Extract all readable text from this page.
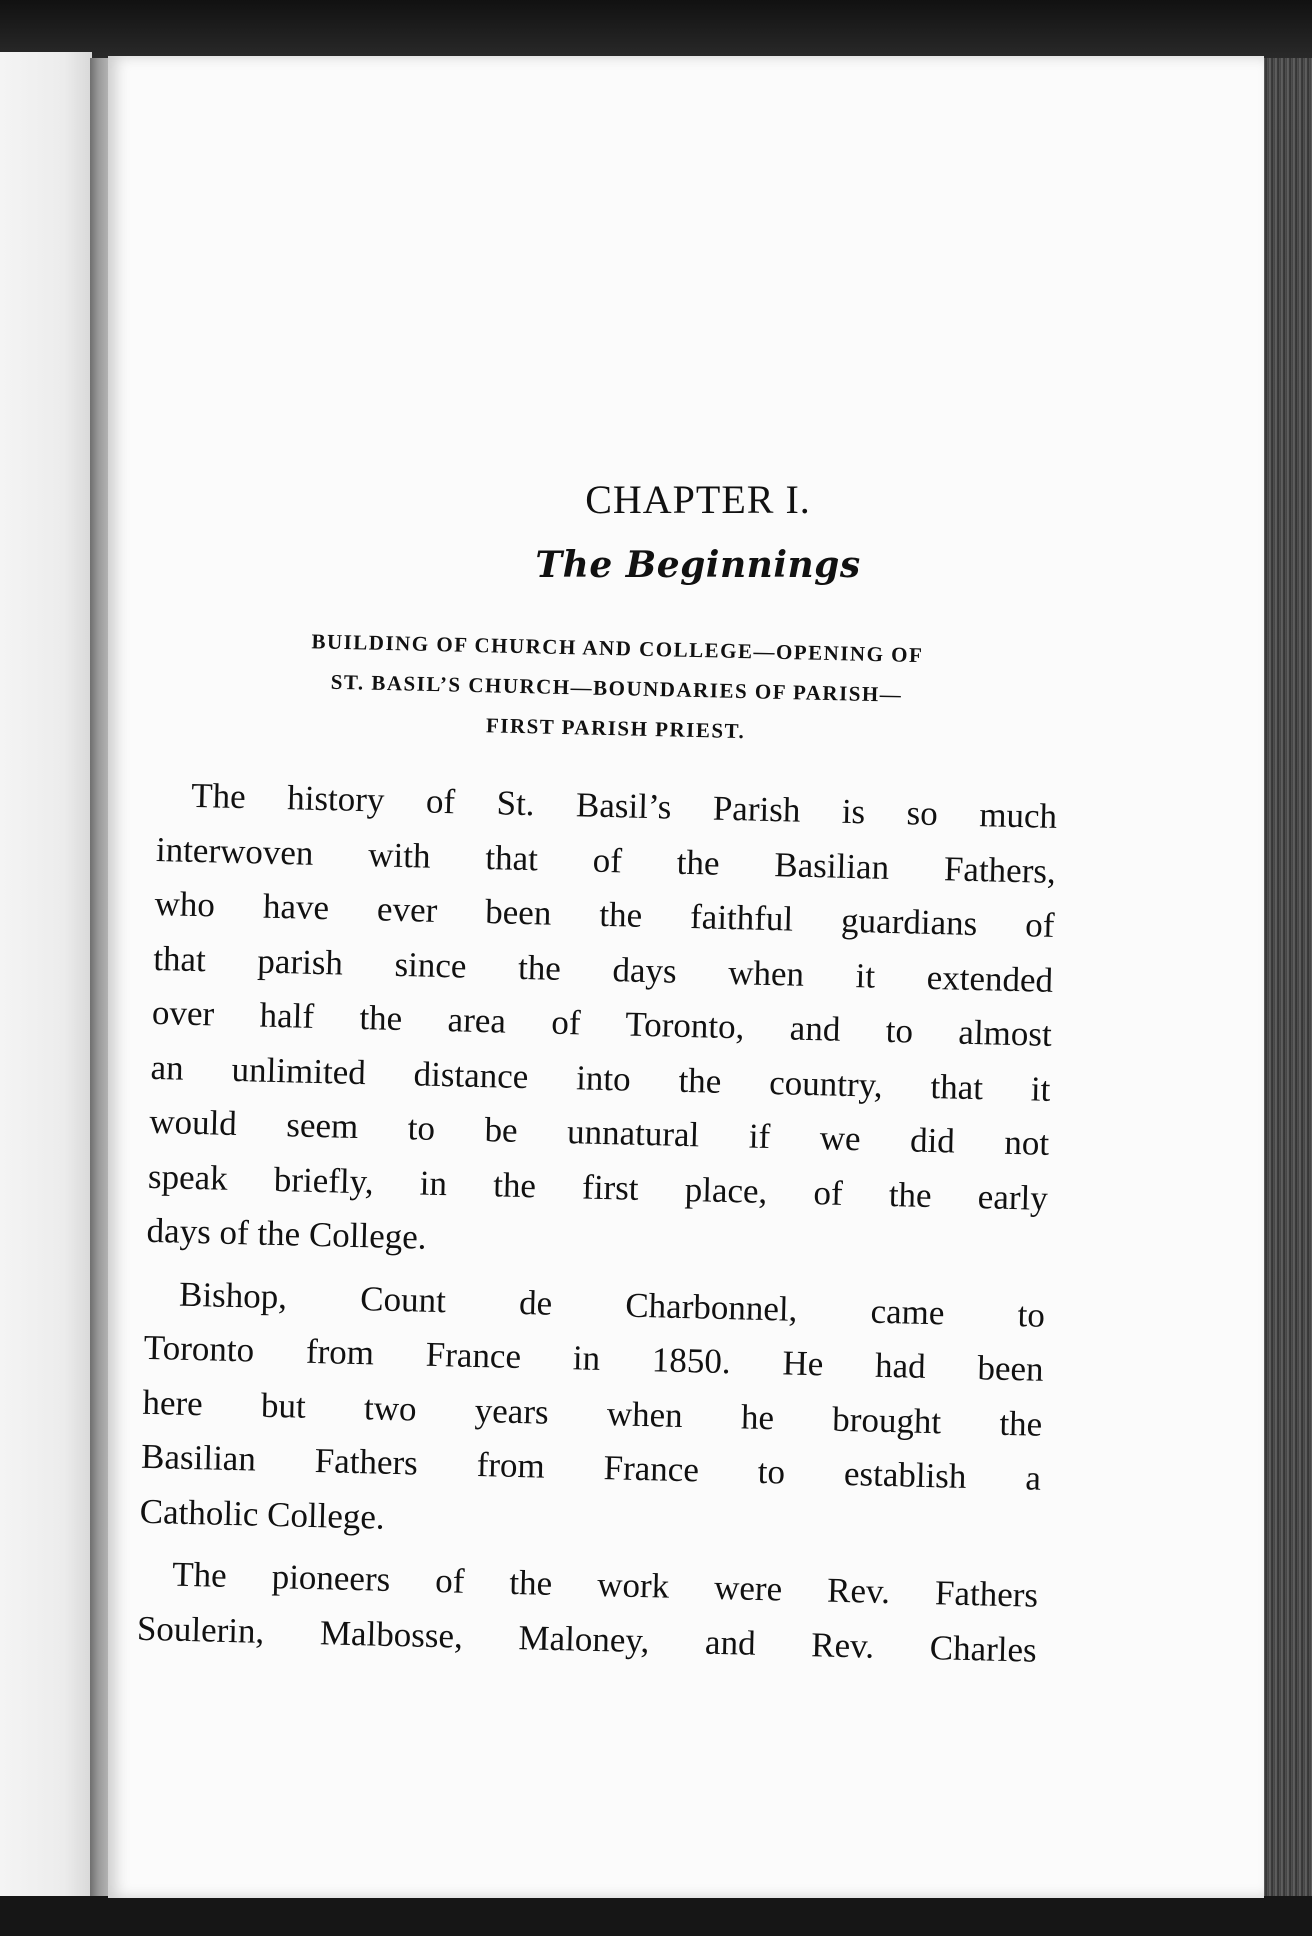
CHAPTER I.
The Beginnings
BUILDING OF CHURCH AND COLLEGE—OPENING OF
ST. BASIL’S CHURCH—BOUNDARIES OF PARISH—
FIRST PARISH PRIEST.
The history of St. Basil’s Parish is so much
interwoven with that of the Basilian Fathers,
who have ever been the faithful guardians of
that parish since the days when it extended
over half the area of Toronto, and to almost
an unlimited distance into the country, that it
would seem to be unnatural if we did not
speak briefly, in the first place, of the early
days of the College.
Bishop, Count de Charbonnel, came to
Toronto from France in 1850. He had been
here but two years when he brought the
Basilian Fathers from France to establish a
Catholic College.
The pioneers of the work were Rev. Fathers
Soulerin, Malbosse, Maloney, and Rev. Charles
